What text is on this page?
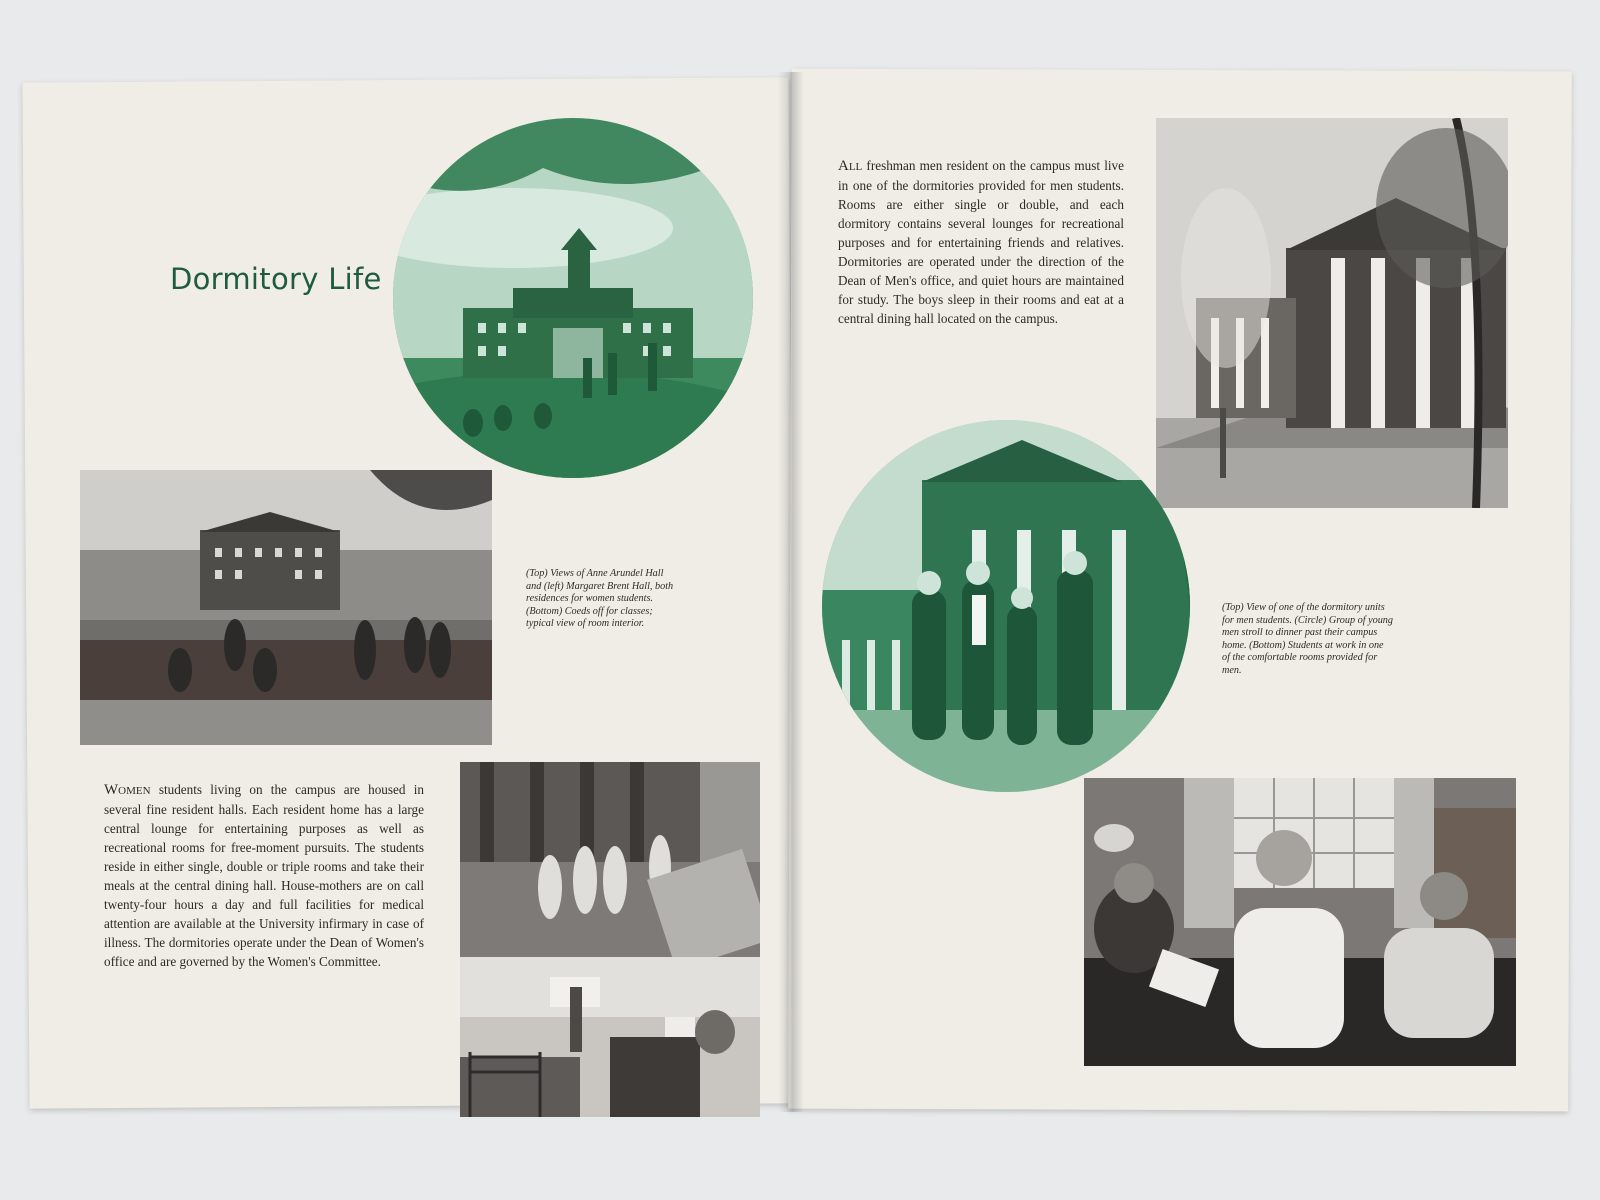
Dormitory Life

(Top) Views of Anne Arundel Hall and (left) Margaret Brent Hall, both residences for women students. (Bottom) Coeds off for classes; typical view of room interior.

Women students living on the campus are housed in several fine resident halls. Each resident home has a large central lounge for entertaining purposes as well as recreational rooms for free-moment pursuits. The students reside in either single, double or triple rooms and take their meals at the central dining hall. House-mothers are on call twenty-four hours a day and full facilities for medical attention are available at the University infirmary in case of illness. The dormitories operate under the Dean of Women's office and are governed by the Women's Committee.

All freshman men resident on the campus must live in one of the dormitories provided for men students. Rooms are either single or double, and each dormitory contains several lounges for recreational purposes and for entertaining friends and relatives. Dormitories are operated under the direction of the Dean of Men's office, and quiet hours are maintained for study. The boys sleep in their rooms and eat at a central dining hall located on the campus.

(Top) View of one of the dormitory units for men students. (Circle) Group of young men stroll to dinner past their campus home. (Bottom) Students at work in one of the comfortable rooms provided for men.
